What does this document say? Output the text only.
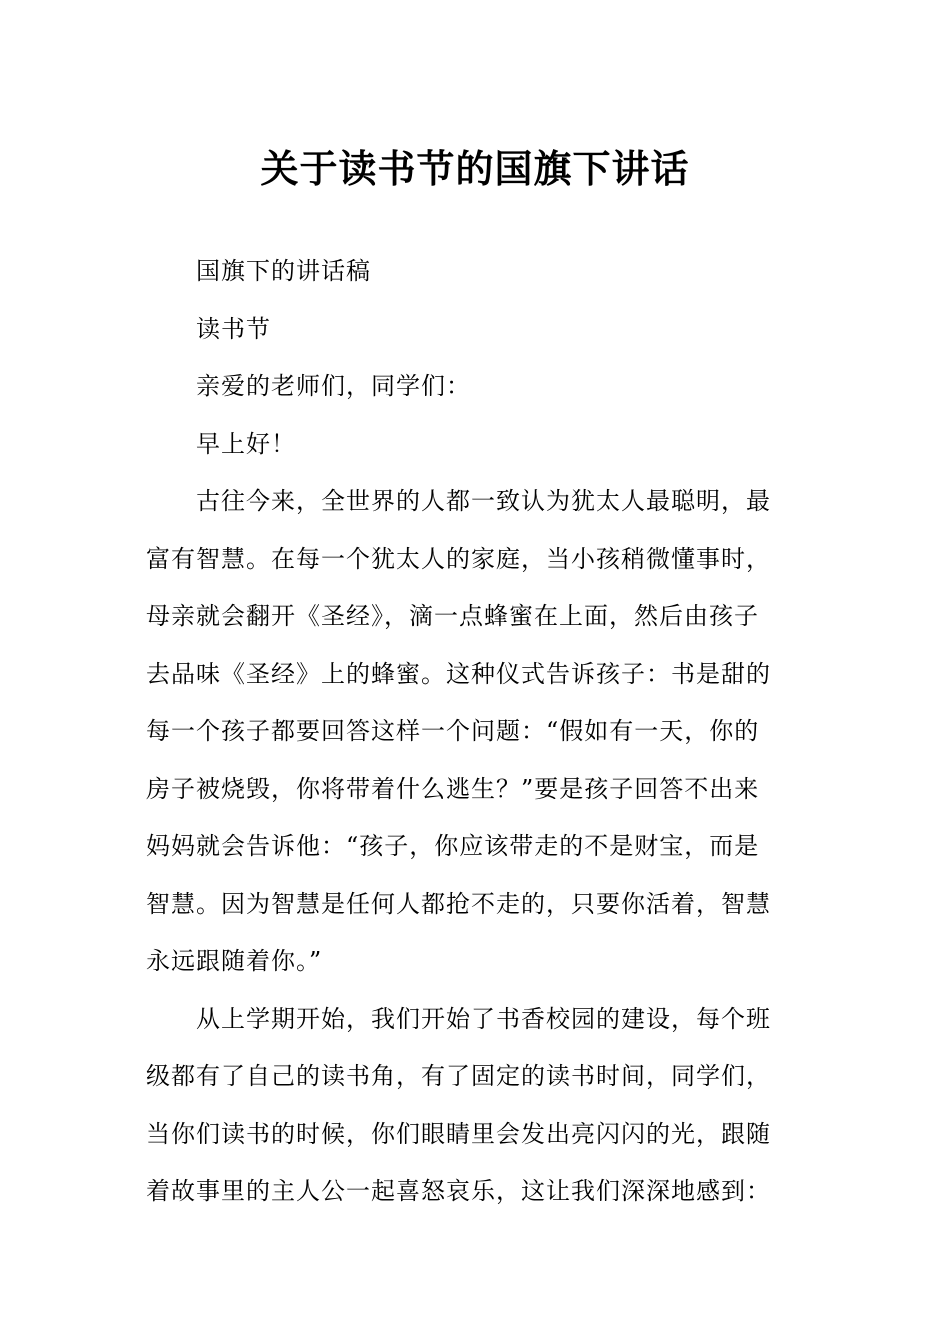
关于读书节的国旗下讲话

国旗下的讲话稿

读书节

亲爱的老师们，同学们：

早上好！

古往今来，全世界的人都一致认为犹太人最聪明，最
富有智慧。在每一个犹太人的家庭，当小孩稍微懂事时，
母亲就会翻开《圣经》，滴一点蜂蜜在上面，然后由孩子
去品味《圣经》上的蜂蜜。这种仪式告诉孩子：书是甜的
每一个孩子都要回答这样一个问题：“假如有一天，你的
房子被烧毁，你将带着什么逃生？”要是孩子回答不出来
妈妈就会告诉他：“孩子，你应该带走的不是财宝，而是
智慧。因为智慧是任何人都抢不走的，只要你活着，智慧
永远跟随着你。”

从上学期开始，我们开始了书香校园的建设，每个班
级都有了自己的读书角，有了固定的读书时间，同学们，
当你们读书的时候，你们眼睛里会发出亮闪闪的光，跟随
着故事里的主人公一起喜怒哀乐，这让我们深深地感到：
